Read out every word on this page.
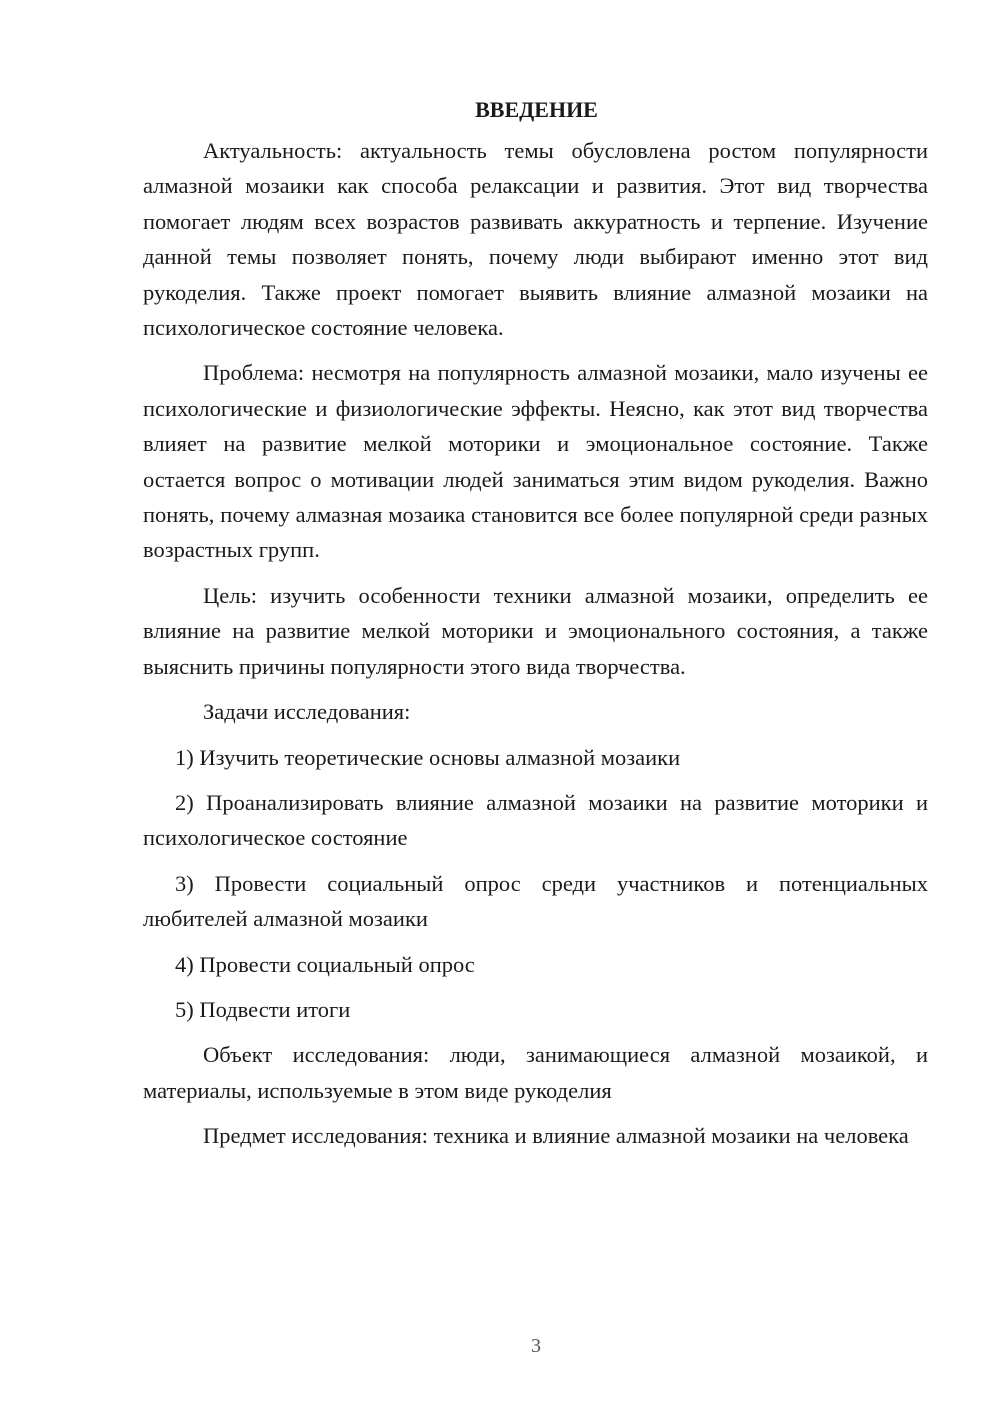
ВВЕДЕНИЕ

Актуальность: актуальность темы обусловлена ростом популярности алмазной мозаики как способа релаксации и развития. Этот вид творчества помогает людям всех возрастов развивать аккуратность и терпение. Изучение данной темы позволяет понять, почему люди выбирают именно этот вид рукоделия. Также проект помогает выявить влияние алмазной мозаики на психологическое состояние человека.

Проблема: несмотря на популярность алмазной мозаики, мало изучены ее психологические и физиологические эффекты. Неясно, как этот вид творчества влияет на развитие мелкой моторики и эмоциональное состояние. Также остается вопрос о мотивации людей заниматься этим видом рукоделия. Важно понять, почему алмазная мозаика становится все более популярной среди разных возрастных групп.

Цель: изучить особенности техники алмазной мозаики, определить ее влияние на развитие мелкой моторики и эмоционального состояния, а также выяснить причины популярности этого вида творчества.

Задачи исследования:

1) Изучить теоретические основы алмазной мозаики

2) Проанализировать влияние алмазной мозаики на развитие моторики и психологическое состояние

3) Провести социальный опрос среди участников и потенциальных любителей алмазной мозаики

4) Провести социальный опрос

5) Подвести итоги

Объект исследования: люди, занимающиеся алмазной мозаикой, и материалы, используемые в этом виде рукоделия

Предмет исследования: техника и влияние алмазной мозаики на человека

3
